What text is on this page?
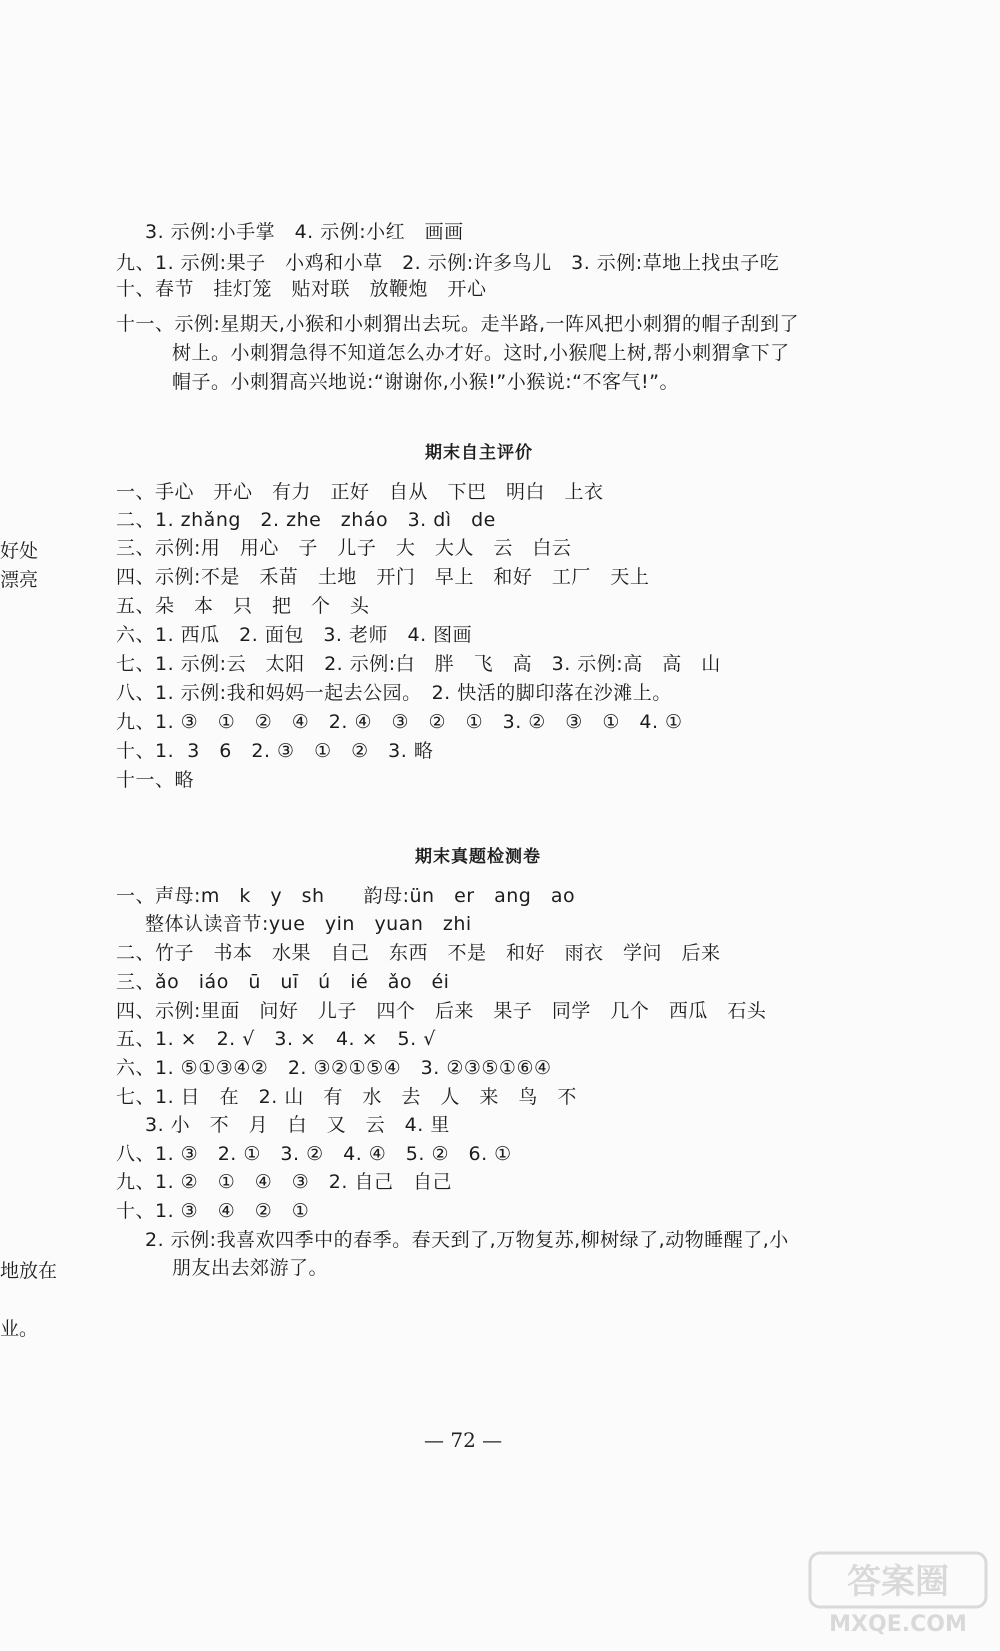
3. 示例:小手掌　4. 示例:小红　画画
九、1. 示例:果子　小鸡和小草　2. 示例:许多鸟儿　3. 示例:草地上找虫子吃
十、春节　挂灯笼　贴对联　放鞭炮　开心
十一、示例:星期天,小猴和小刺猬出去玩。走半路,一阵风把小刺猬的帽子刮到了
树上。小刺猬急得不知道怎么办才好。这时,小猴爬上树,帮小刺猬拿下了
帽子。小刺猬高兴地说:“谢谢你,小猴!”小猴说:“不客气!”。
期末自主评价
一、手心　开心　有力　正好　自从　下巴　明白　上衣
二、1. zhǎng　2. zhe　zháo　3. dì　de
三、示例:用　用心　子　儿子　大　大人　云　白云
四、示例:不是　禾苗　土地　开门　早上　和好　工厂　天上
五、朵　本　只　把　个　头
六、1. 西瓜　2. 面包　3. 老师　4. 图画
七、1. 示例:云　太阳　2. 示例:白　胖　飞　高　3. 示例:高　高　山
八、1. 示例:我和妈妈一起去公园。　2. 快活的脚印落在沙滩上。
九、1. ③　①　②　④　2. ④　③　②　①　3. ②　③　①　4. ①
十、1.  3　6　2. ③　①　②　3. 略
十一、略
期末真题检测卷
一、声母:m　k　y　sh　　韵母:ün　er　ang　ao
整体认读音节:yue　yin　yuan　zhi
二、竹子　书本　水果　自己　东西　不是　和好　雨衣　学问　后来
三、ǎo　iáo　ū　uī　ú　ié　ǎo　éi
四、示例:里面　问好　儿子　四个　后来　果子　同学　几个　西瓜　石头
五、1. ×　2. √　3. ×　4. ×　5. √
六、1. ⑤①③④②　2. ③②①⑤④　3. ②③⑤①⑥④
七、1. 日　在　2. 山　有　水　去　人　来　鸟　不
3. 小　不　月　白　又　云　4. 里
八、1. ③　2. ①　3. ②　4. ④　5. ②　6. ①
九、1. ②　①　④　③　2. 自己　自己
十、1. ③　④　②　①
2. 示例:我喜欢四季中的春季。春天到了,万物复苏,柳树绿了,动物睡醒了,小
朋友出去郊游了。
好处
漂亮
地放在
业。
— 72 —
答案圈
MXQE.COM
